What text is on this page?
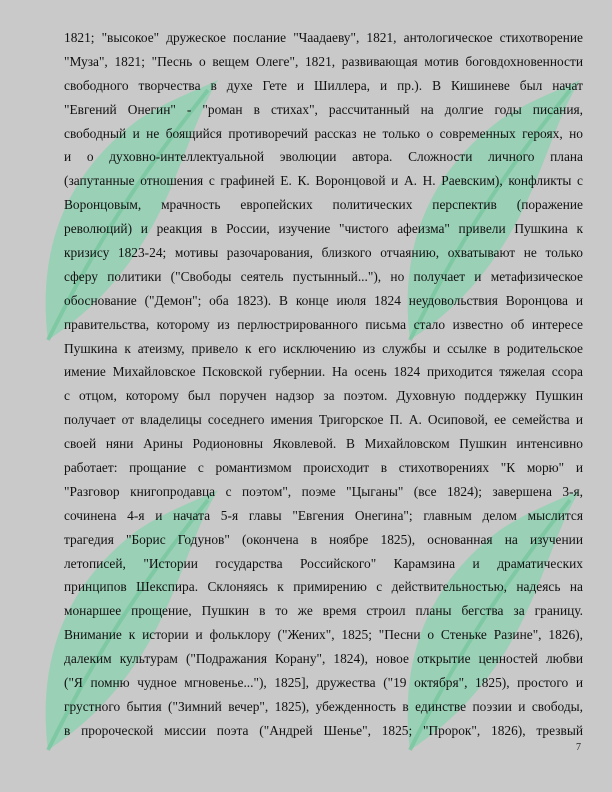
1821; "высокое" дружеское послание "Чаадаеву", 1821, антологическое стихотворение
"Муза", 1821; "Песнь о вещем Олеге", 1821, развивающая мотив боговдохновенности
свободного творчества в духе Гете и Шиллера, и пр.). В Кишиневе был начат
"Евгений Онегин" - "роман в стихах", рассчитанный на долгие годы писания,
свободный и не боящийся противоречий рассказ не только о современных героях, но
и о духовно-интеллектуальной эволюции автора. Сложности личного плана
(запутанные отношения с графиней Е. К. Воронцовой и А. Н. Раевским), конфликты с
Воронцовым, мрачность европейских политических перспектив (поражение
революций) и реакция в России, изучение "чистого афеизма" привели Пушкина к
кризису 1823-24; мотивы разочарования, близкого отчаянию, охватывают не только
сферу политики ("Свободы сеятель пустынный..."), но получает и метафизическое
обоснование ("Демон"; оба 1823). В конце июля 1824 неудовольствия Воронцова и
правительства, которому из перлюстрированного письма стало известно об интересе
Пушкина к атеизму, привело к его исключению из службы и ссылке в родительское
имение Михайловское Псковской губернии. На осень 1824 приходится тяжелая ссора
с отцом, которому был поручен надзор за поэтом. Духовную поддержку Пушкин
получает от владелицы соседнего имения Тригорское П. А. Осиповой, ее семейства и
своей няни Арины Родионовны Яковлевой. В Михайловском Пушкин интенсивно
работает: прощание с романтизмом происходит в стихотворениях "К морю" и
"Разговор книгопродавца с поэтом", поэме "Цыганы" (все 1824); завершена 3-я,
сочинена 4-я и начата 5-я главы "Евгения Онегина"; главным делом мыслится
трагедия "Борис Годунов" (окончена в ноябре 1825), основанная на изучении
летописей, "Истории государства Российского" Карамзина и драматических
принципов Шекспира. Склоняясь к примирению с действительностью, надеясь на
монаршее прощение, Пушкин в то же время строил планы бегства за границу.
Внимание к истории и фольклору ("Жених", 1825; "Песни о Стеньке Разине", 1826),
далеким культурам ("Подражания Корану", 1824), новое открытие ценностей любви
("Я помню чудное мгновенье..."), 1825], дружества ("19 октября", 1825), простого и
грустного бытия ("Зимний вечер", 1825), убежденность в единстве поэзии и свободы,
в пророческой миссии поэта ("Андрей Шенье", 1825; "Пророк", 1826), трезвый
7
